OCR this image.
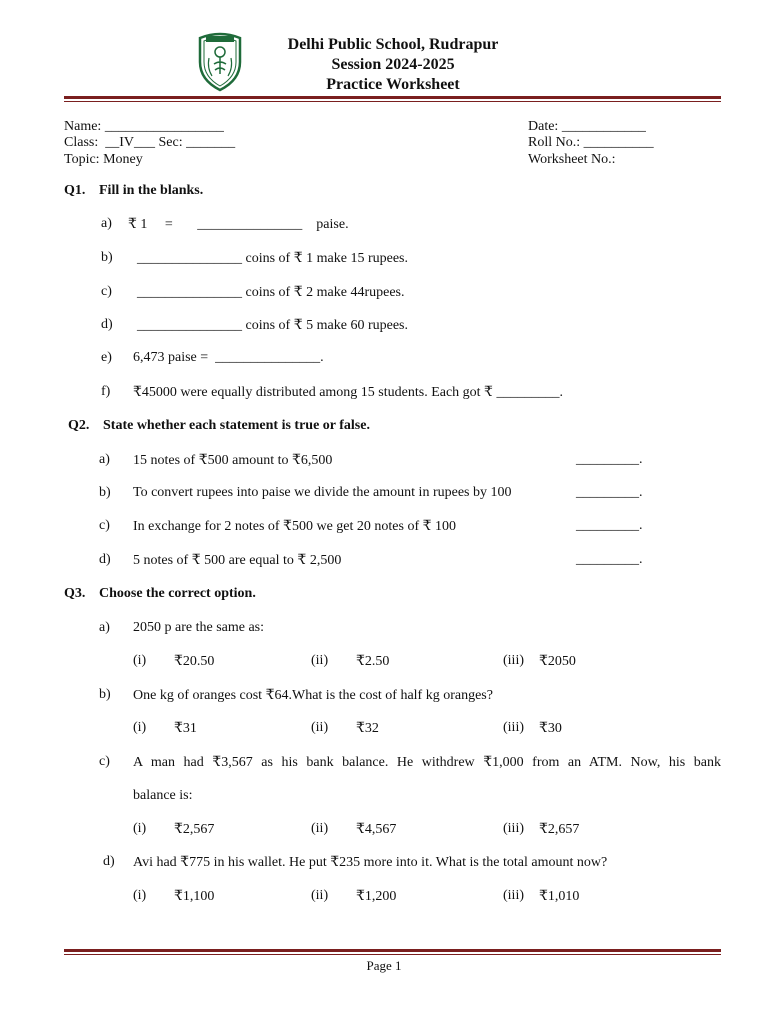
Delhi Public School, Rudrapur
Session 2024-2025
Practice Worksheet
Name: _________________
Class: __IV___ Sec: _______
Topic: Money
Date: ____________
Roll No.: __________
Worksheet No.:
Q1. Fill in the blanks.
a) ₹ 1     =       _______________    paise.
b) _______________ coins of ₹ 1 make 15 rupees.
c) _______________ coins of ₹ 2 make 44rupees.
d) _______________ coins of ₹ 5 make 60 rupees.
e) 6,473 paise =  _______________.
f) ₹45000 were equally distributed among 15 students. Each got ₹ _________.
Q2. State whether each statement is true or false.
a) 15 notes of ₹500 amount to ₹6,500	_________.
b) To convert rupees into paise we divide the amount in rupees by 100	_________.
c) In exchange for 2 notes of ₹500 we get 20 notes of ₹ 100	_________.
d) 5 notes of ₹ 500 are equal to ₹ 2,500	_________.
Q3. Choose the correct option.
a) 2050 p are the same as:
(i) ₹20.50	(ii) ₹2.50	(iii) ₹2050
b) One kg of oranges cost ₹64.What is the cost of half kg oranges?
(i) ₹31	(ii) ₹32	(iii) ₹30
c) A man had ₹3,567 as his bank balance. He withdrew ₹1,000 from an ATM. Now, his bank
balance is:
(i) ₹2,567	(ii) ₹4,567	(iii) ₹2,657
d) Avi had ₹775 in his wallet. He put ₹235 more into it. What is the total amount now?
(i) ₹1,100	(ii) ₹1,200	(iii) ₹1,010
Page 1
